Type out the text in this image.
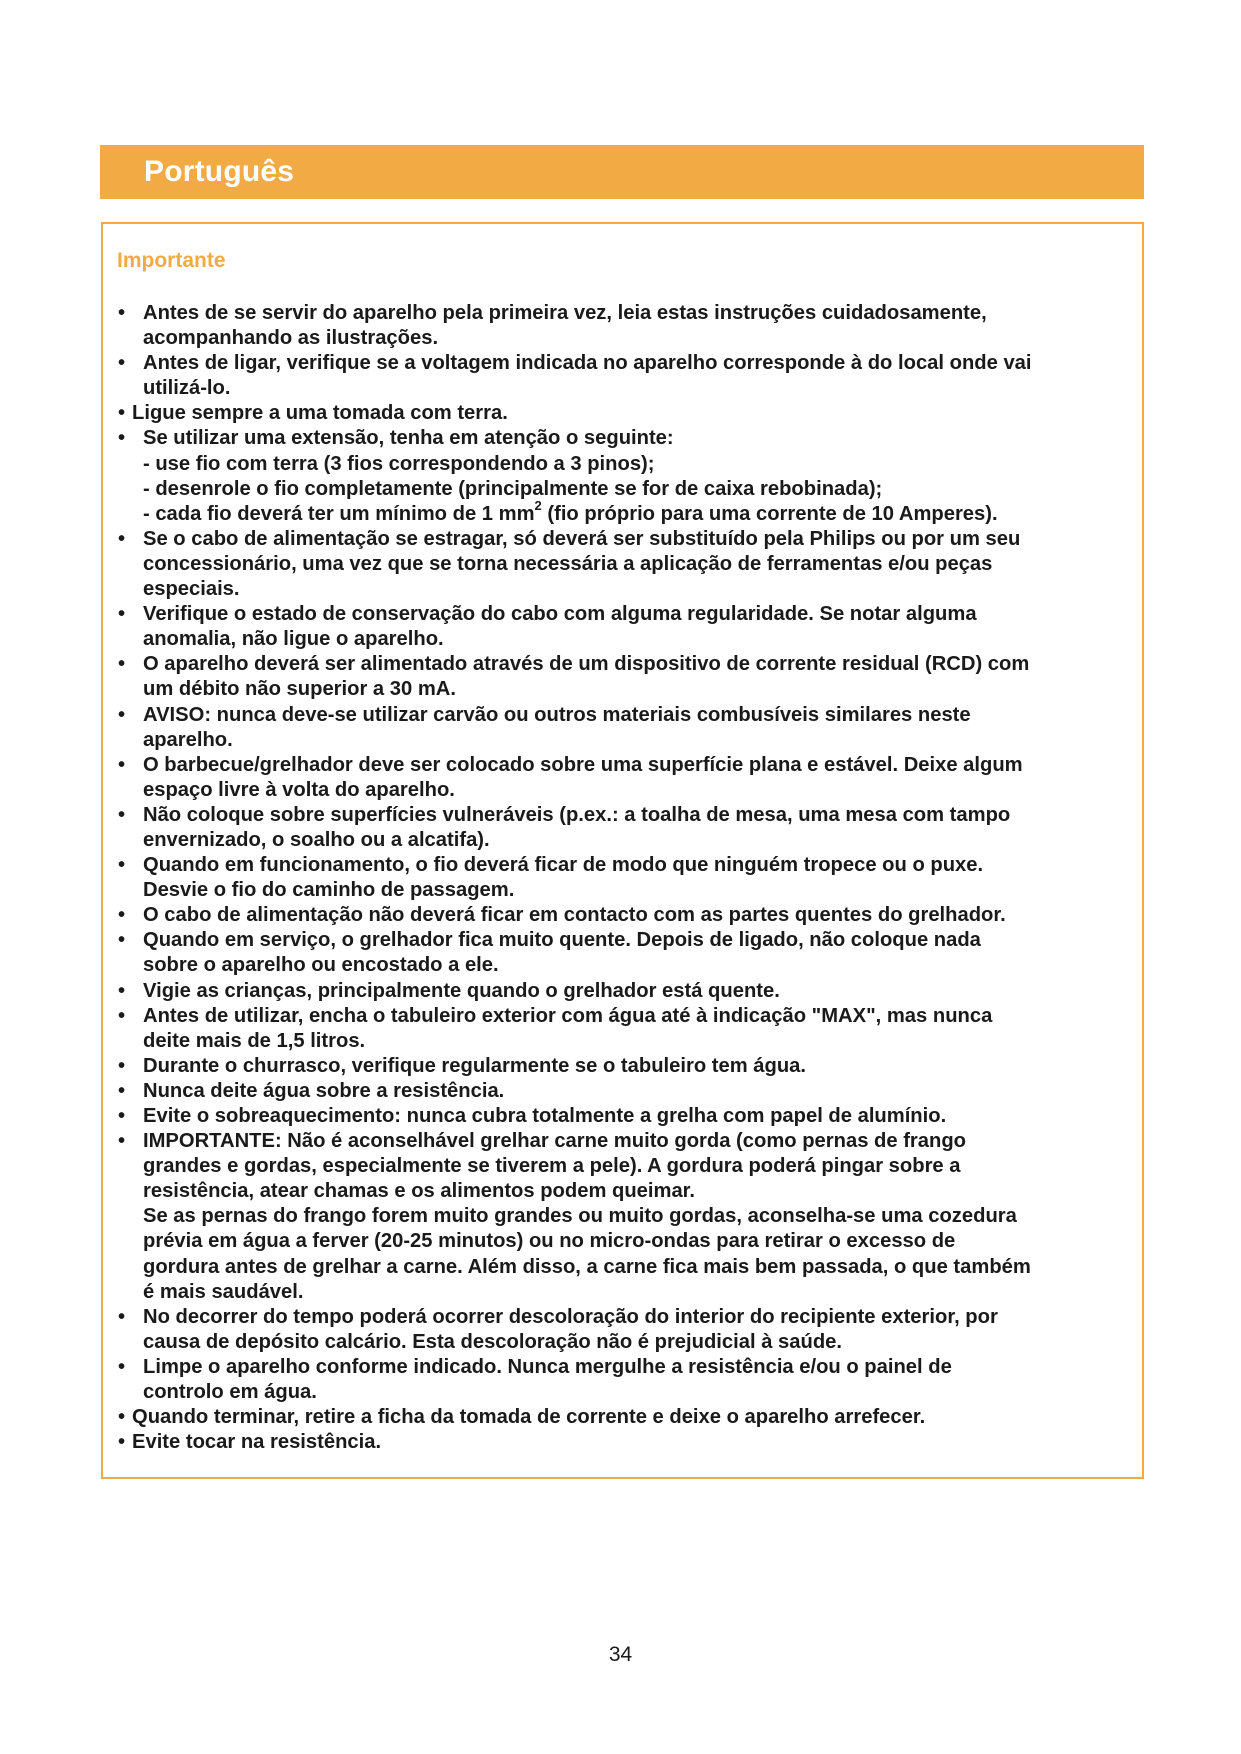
Português
Importante
• Antes de se servir do aparelho pela primeira vez, leia estas instruções cuidadosamente,
acompanhando as ilustrações.
• Antes de ligar, verifique se a voltagem indicada no aparelho corresponde à do local onde vai
utilizá-lo.
• Ligue sempre a uma tomada com terra.
• Se utilizar uma extensão, tenha em atenção o seguinte:
- use fio com terra (3 fios correspondendo a 3 pinos);
- desenrole o fio completamente (principalmente se for de caixa rebobinada);
- cada fio deverá ter um mínimo de 1 $mm^2$ (fio próprio para uma corrente de 10 Amperes).
• Se o cabo de alimentação se estragar, só deverá ser substituído pela Philips ou por um seu
concessionário, uma vez que se torna necessária a aplicação de ferramentas e/ou peças
especiais.
• Verifique o estado de conservação do cabo com alguma regularidade. Se notar alguma
anomalia, não ligue o aparelho.
• O aparelho deverá ser alimentado através de um dispositivo de corrente residual (RCD) com
um débito não superior a 30 mA.
• AVISO: nunca deve-se utilizar carvão ou outros materiais combusíveis similares neste
aparelho.
• O barbecue/grelhador deve ser colocado sobre uma superfície plana e estável. Deixe algum
espaço livre à volta do aparelho.
• Não coloque sobre superfícies vulneráveis (p.ex.: a toalha de mesa, uma mesa com tampo
envernizado, o soalho ou a alcatifa).
• Quando em funcionamento, o fio deverá ficar de modo que ninguém tropece ou o puxe.
Desvie o fio do caminho de passagem.
• O cabo de alimentação não deverá ficar em contacto com as partes quentes do grelhador.
• Quando em serviço, o grelhador fica muito quente. Depois de ligado, não coloque nada
sobre o aparelho ou encostado a ele.
• Vigie as crianças, principalmente quando o grelhador está quente.
• Antes de utilizar, encha o tabuleiro exterior com água até à indicação "MAX", mas nunca
deite mais de 1,5 litros.
• Durante o churrasco, verifique regularmente se o tabuleiro tem água.
• Nunca deite água sobre a resistência.
• Evite o sobreaquecimento: nunca cubra totalmente a grelha com papel de alumínio.
• IMPORTANTE: Não é aconselhável grelhar carne muito gorda (como pernas de frango
grandes e gordas, especialmente se tiverem a pele). A gordura poderá pingar sobre a
resistência, atear chamas e os alimentos podem queimar.
Se as pernas do frango forem muito grandes ou muito gordas, aconselha-se uma cozedura
prévia em água a ferver (20-25 minutos) ou no micro-ondas para retirar o excesso de
gordura antes de grelhar a carne. Além disso, a carne fica mais bem passada, o que também
é mais saudável.
• No decorrer do tempo poderá ocorrer descoloração do interior do recipiente exterior, por
causa de depósito calcário. Esta descoloração não é prejudicial à saúde.
• Limpe o aparelho conforme indicado. Nunca mergulhe a resistência e/ou o painel de
controlo em água.
• Quando terminar, retire a ficha da tomada de corrente e deixe o aparelho arrefecer.
• Evite tocar na resistência.
34
